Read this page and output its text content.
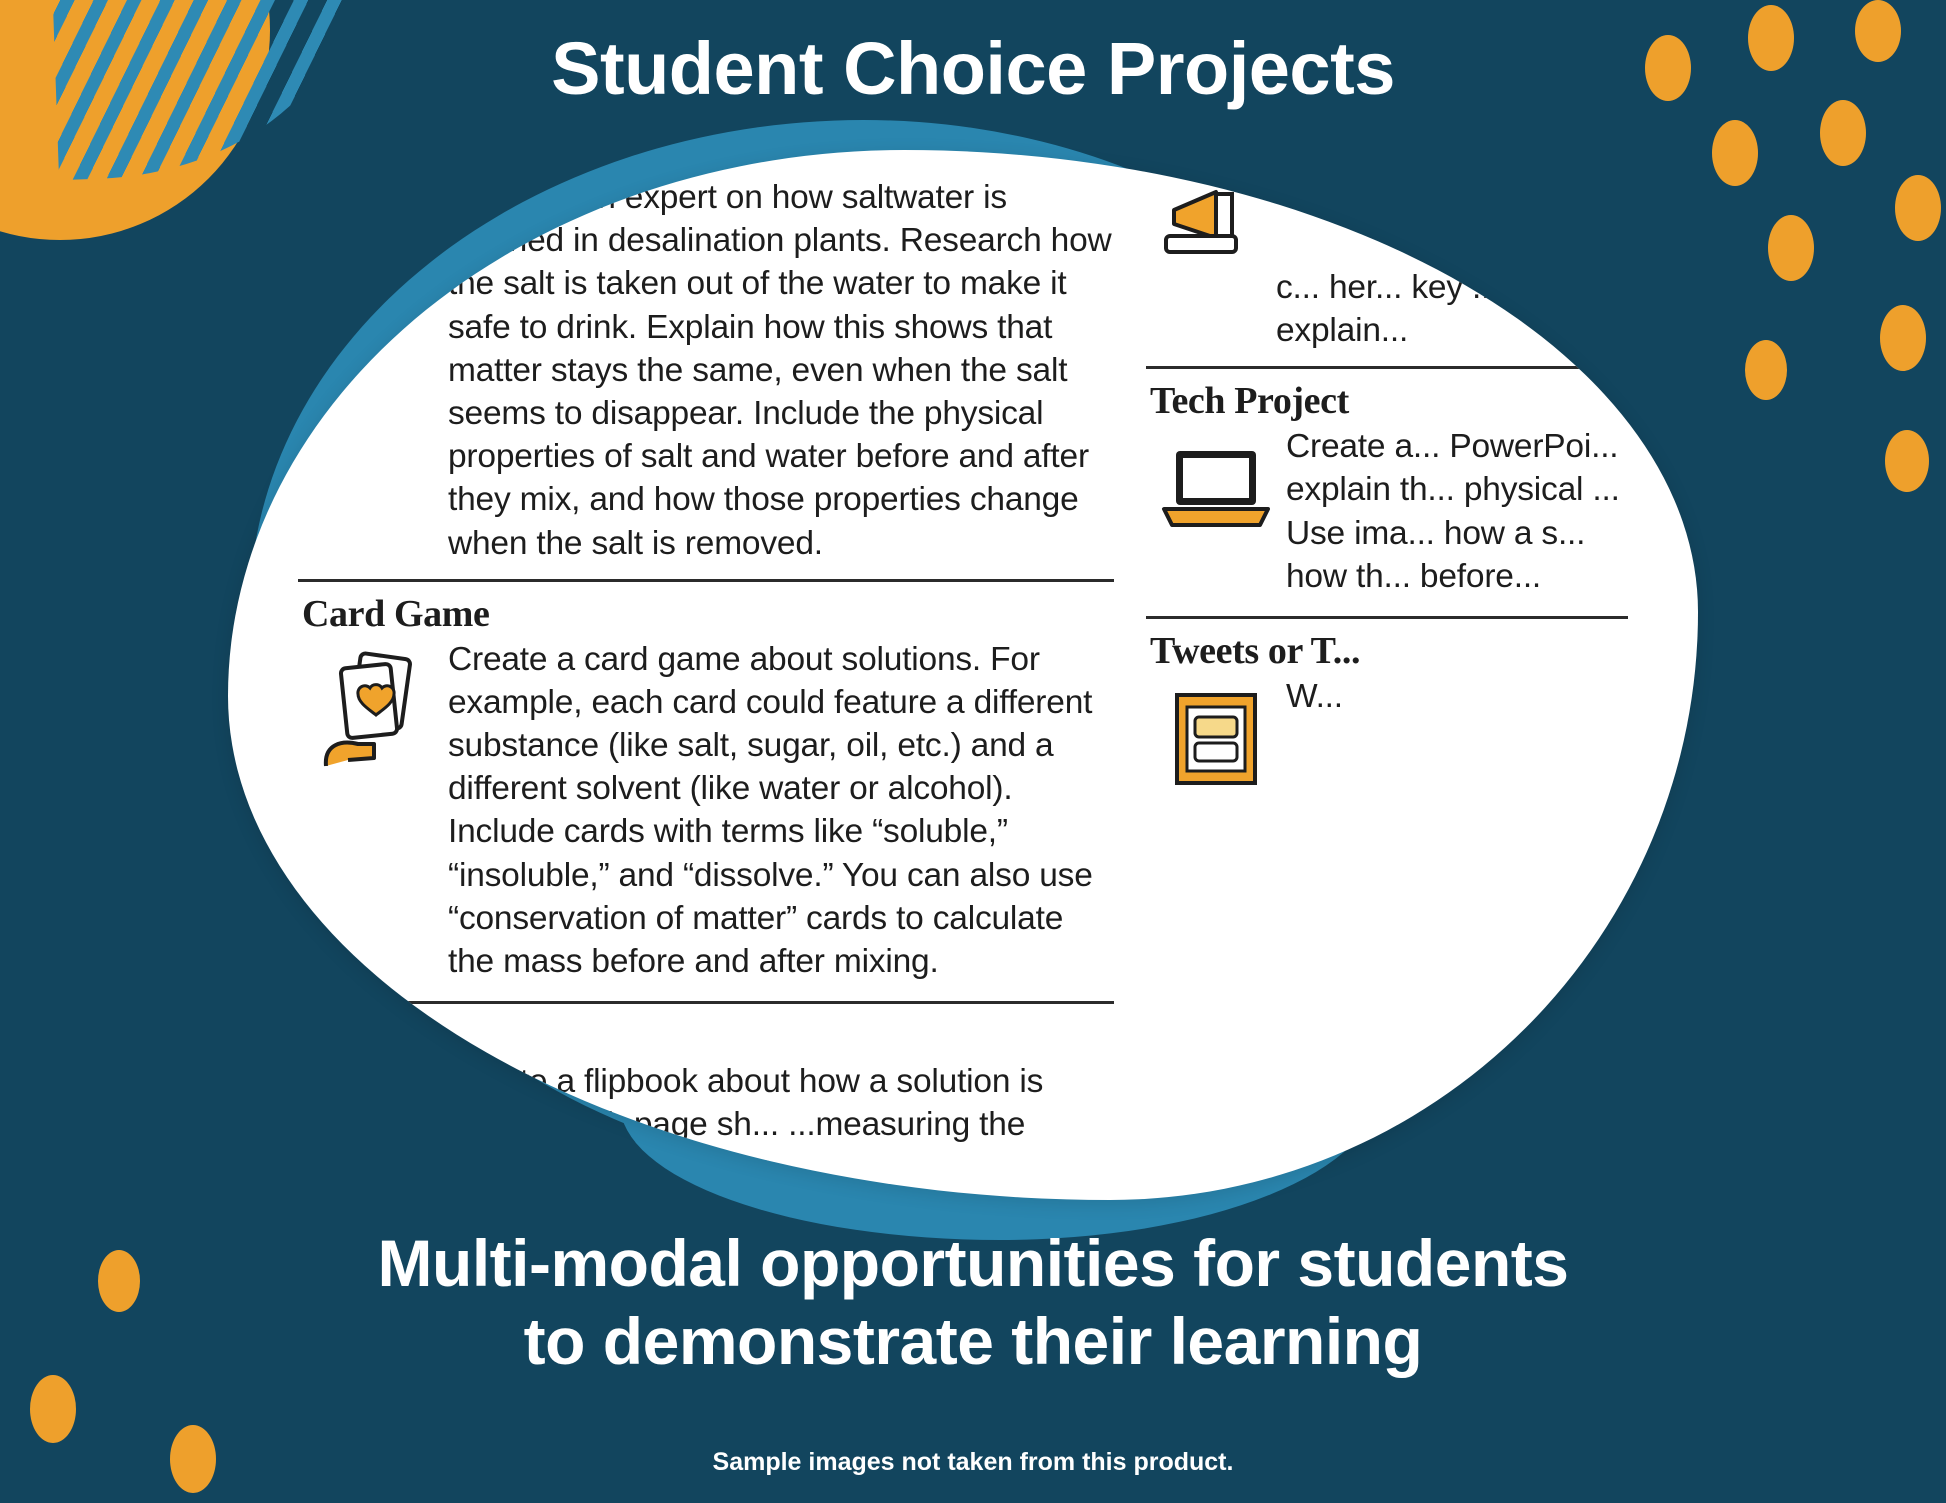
Student Choice Projects
Become an expert on how saltwater is cleaned in desalination plants. Research how the salt is taken out of the water to make it safe to drink. Explain how this shows that matter stays the same, even when the salt seems to disappear. Include the physical properties of salt and water before and after they mix, and how those properties change when the salt is removed.
Card Game
Create a card game about solutions. For example, each card could feature a different substance (like salt, sugar, oil, etc.) and a different solvent (like water or alcohol). Include cards with terms like “soluble,” “insoluble,” and “dissolve.” You can also use “conservation of matter” cards to calculate the mass before and after mixing.
Flipbook
Create a flipbook about how a solution is made. Each page sh... ...measuring the mass, mi... ...and then
c... her... key ... conse... explain...
Tech Project
Create a... PowerPoi... explain th... physical ... Use ima... how a s... how th... before...
Tweets or T...
W...
Multi-modal opportunities for students
to demonstrate their learning
Sample images not taken from this product.
